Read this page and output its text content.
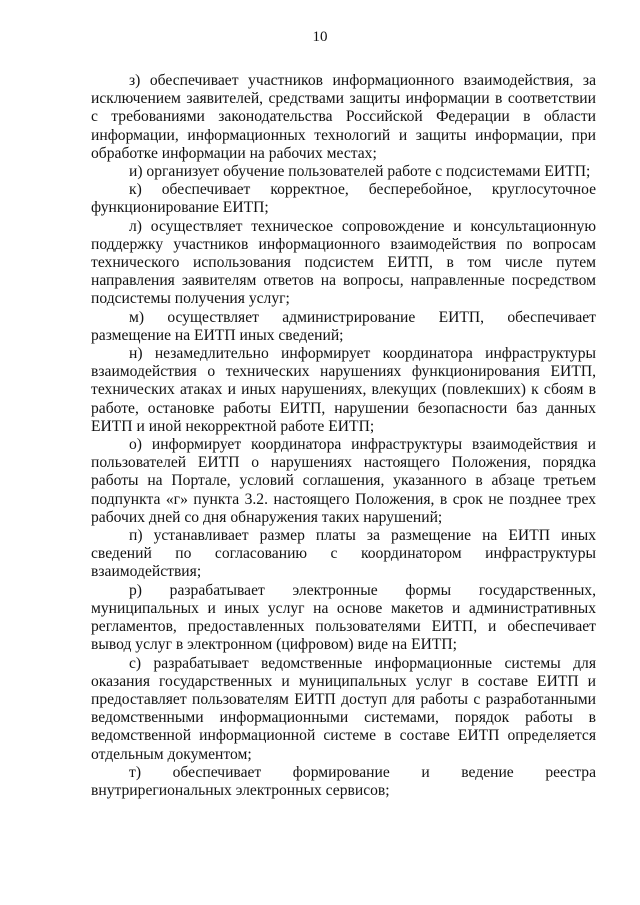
10

з) обеспечивает участников информационного взаимодействия, за исключением заявителей, средствами защиты информации в соответствии с требованиями законодательства Российской Федерации в области информации, информационных технологий и защиты информации, при обработке информации на рабочих местах;

и) организует обучение пользователей работе с подсистемами ЕИТП;

к) обеспечивает корректное, бесперебойное, круглосуточное функционирование ЕИТП;

л) осуществляет техническое сопровождение и консультационную поддержку участников информационного взаимодействия по вопросам технического использования подсистем ЕИТП, в том числе путем направления заявителям ответов на вопросы, направленные посредством подсистемы получения услуг;

м) осуществляет администрирование ЕИТП, обеспечивает размещение на ЕИТП иных сведений;

н) незамедлительно информирует координатора инфраструктуры взаимодействия о технических нарушениях функционирования ЕИТП, технических атаках и иных нарушениях, влекущих (повлекших) к сбоям в работе, остановке работы ЕИТП, нарушении безопасности баз данных ЕИТП и иной некорректной работе ЕИТП;

о) информирует координатора инфраструктуры взаимодействия и пользователей ЕИТП о нарушениях настоящего Положения, порядка работы на Портале, условий соглашения, указанного в абзаце третьем подпункта «г» пункта 3.2. настоящего Положения, в срок не позднее трех рабочих дней со дня обнаружения таких нарушений;

п) устанавливает размер платы за размещение на ЕИТП иных сведений по согласованию с координатором инфраструктуры взаимодействия;

р) разрабатывает электронные формы государственных, муниципальных и иных услуг на основе макетов и административных регламентов, предоставленных пользователями ЕИТП, и обеспечивает вывод услуг в электронном (цифровом) виде на ЕИТП;

с) разрабатывает ведомственные информационные системы для оказания государственных и муниципальных услуг в составе ЕИТП и предоставляет пользователям ЕИТП доступ для работы с разработанными ведомственными информационными системами, порядок работы в ведомственной информационной системе в составе ЕИТП определяется отдельным документом;

т) обеспечивает формирование и ведение реестра внутрирегиональных электронных сервисов;
